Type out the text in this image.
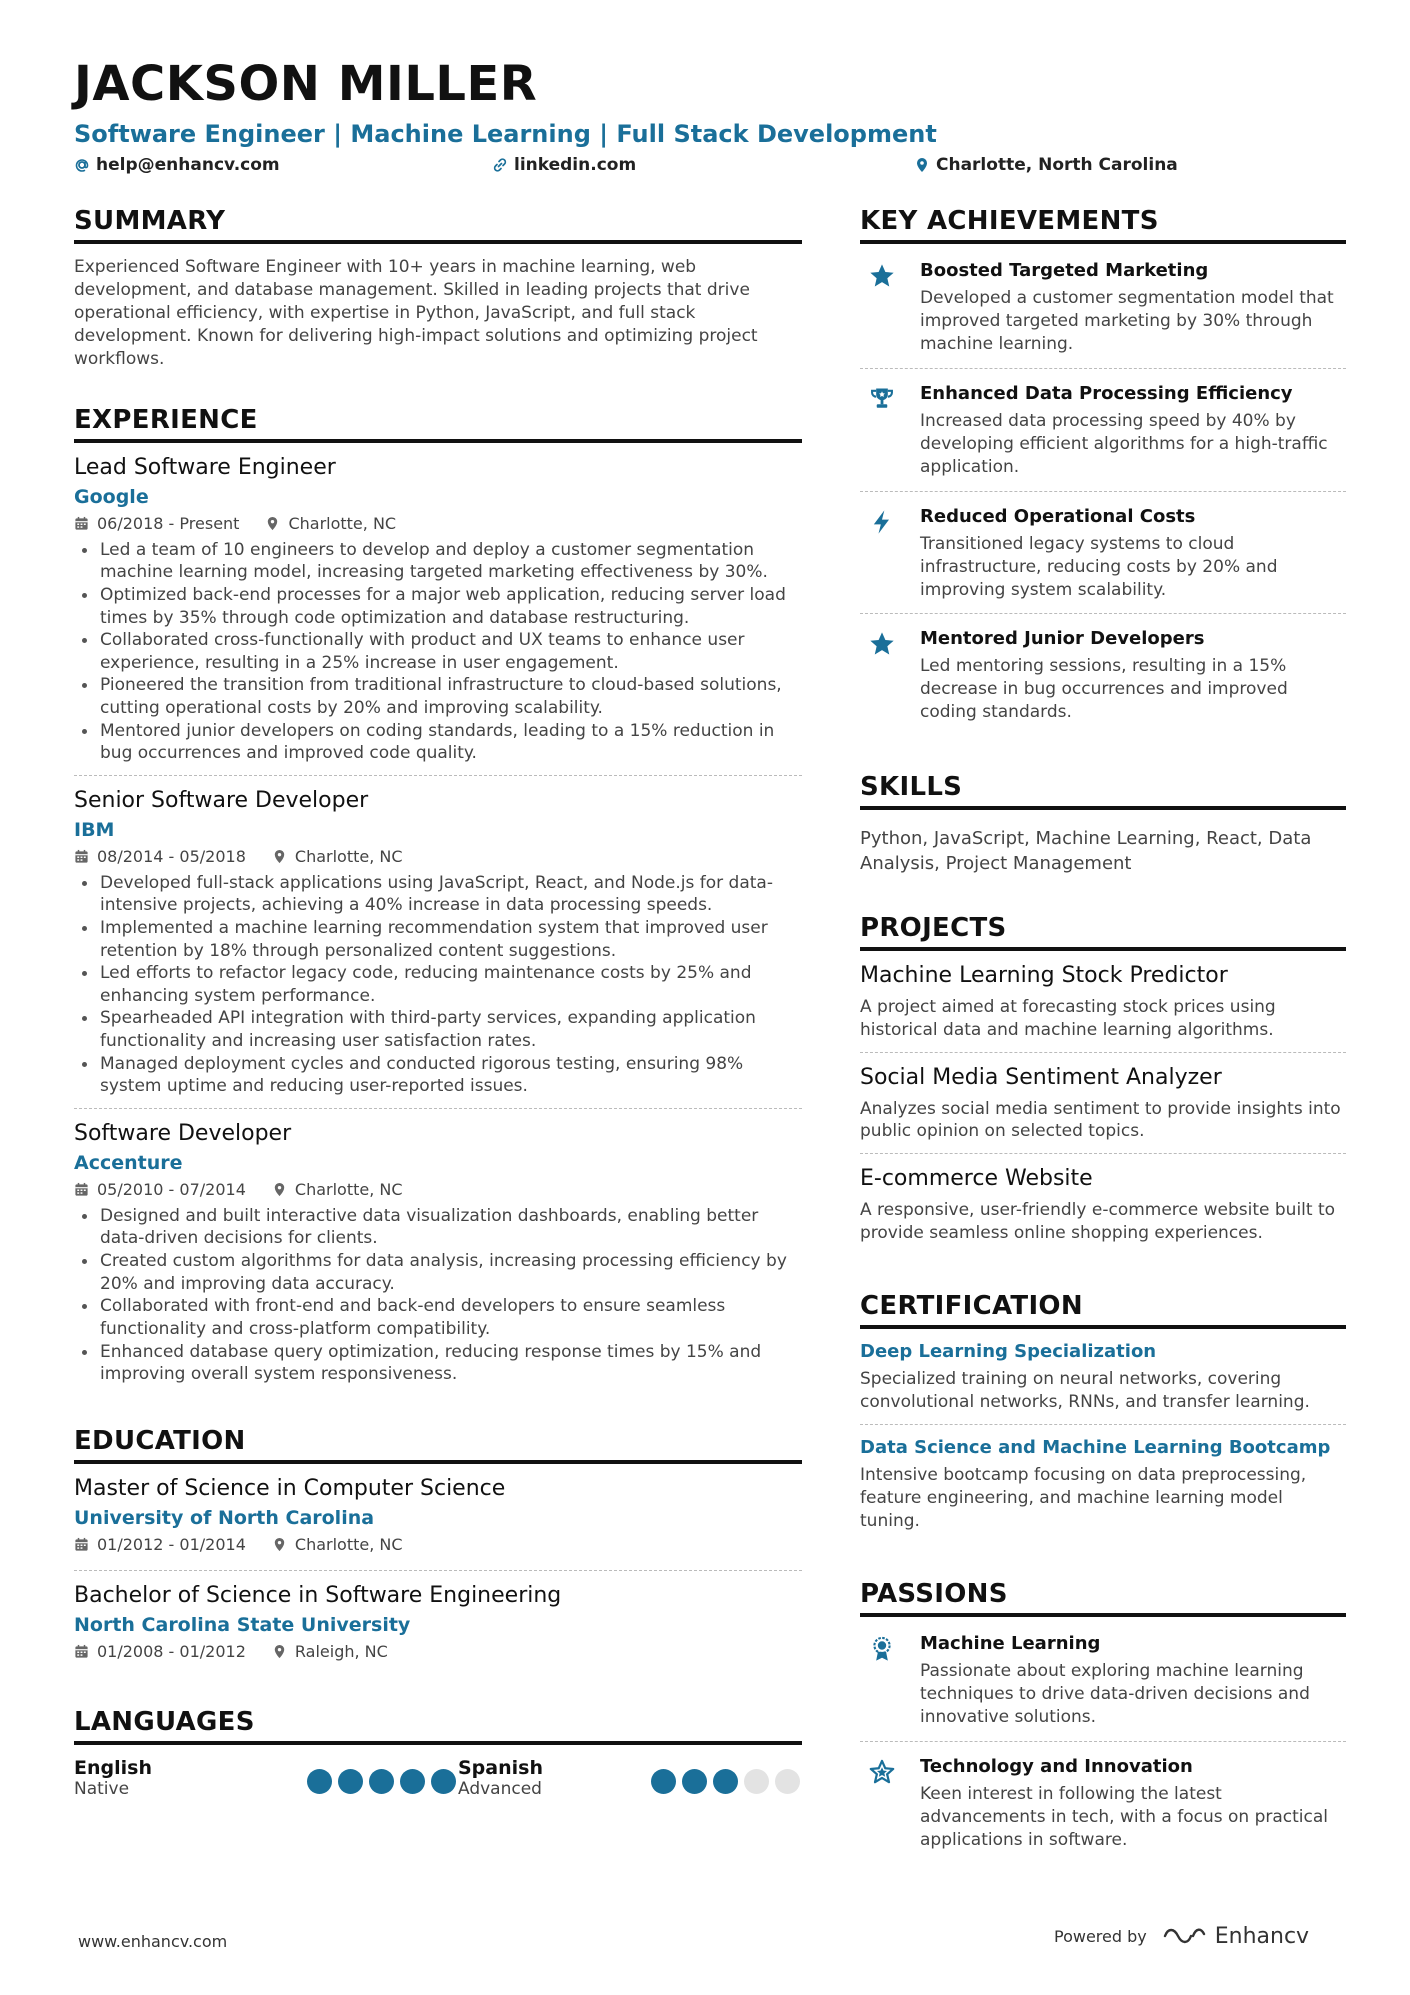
JACKSON MILLER
Software Engineer | Machine Learning | Full Stack Development
help@enhancv.com	linkedin.com	Charlotte, North Carolina
SUMMARY
Experienced Software Engineer with 10+ years in machine learning, web development, and database management. Skilled in leading projects that drive operational efficiency, with expertise in Python, JavaScript, and full stack development. Known for delivering high-impact solutions and optimizing project workflows.
EXPERIENCE
Lead Software Engineer
Google
06/2018 - Present	Charlotte, NC
Led a team of 10 engineers to develop and deploy a customer segmentation machine learning model, increasing targeted marketing effectiveness by 30%.
Optimized back-end processes for a major web application, reducing server load times by 35% through code optimization and database restructuring.
Collaborated cross-functionally with product and UX teams to enhance user experience, resulting in a 25% increase in user engagement.
Pioneered the transition from traditional infrastructure to cloud-based solutions, cutting operational costs by 20% and improving scalability.
Mentored junior developers on coding standards, leading to a 15% reduction in bug occurrences and improved code quality.
Senior Software Developer
IBM
08/2014 - 05/2018	Charlotte, NC
Developed full-stack applications using JavaScript, React, and Node.js for data-intensive projects, achieving a 40% increase in data processing speeds.
Implemented a machine learning recommendation system that improved user retention by 18% through personalized content suggestions.
Led efforts to refactor legacy code, reducing maintenance costs by 25% and enhancing system performance.
Spearheaded API integration with third-party services, expanding application functionality and increasing user satisfaction rates.
Managed deployment cycles and conducted rigorous testing, ensuring 98% system uptime and reducing user-reported issues.
Software Developer
Accenture
05/2010 - 07/2014	Charlotte, NC
Designed and built interactive data visualization dashboards, enabling better data-driven decisions for clients.
Created custom algorithms for data analysis, increasing processing efficiency by 20% and improving data accuracy.
Collaborated with front-end and back-end developers to ensure seamless functionality and cross-platform compatibility.
Enhanced database query optimization, reducing response times by 15% and improving overall system responsiveness.
EDUCATION
Master of Science in Computer Science
University of North Carolina
01/2012 - 01/2014	Charlotte, NC
Bachelor of Science in Software Engineering
North Carolina State University
01/2008 - 01/2012	Raleigh, NC
LANGUAGES
English
Native
Spanish
Advanced
KEY ACHIEVEMENTS
Boosted Targeted Marketing
Developed a customer segmentation model that improved targeted marketing by 30% through machine learning.
Enhanced Data Processing Efficiency
Increased data processing speed by 40% by developing efficient algorithms for a high-traffic application.
Reduced Operational Costs
Transitioned legacy systems to cloud infrastructure, reducing costs by 20% and improving system scalability.
Mentored Junior Developers
Led mentoring sessions, resulting in a 15% decrease in bug occurrences and improved coding standards.
SKILLS
Python, JavaScript, Machine Learning, React, Data Analysis, Project Management
PROJECTS
Machine Learning Stock Predictor
A project aimed at forecasting stock prices using historical data and machine learning algorithms.
Social Media Sentiment Analyzer
Analyzes social media sentiment to provide insights into public opinion on selected topics.
E-commerce Website
A responsive, user-friendly e-commerce website built to provide seamless online shopping experiences.
CERTIFICATION
Deep Learning Specialization
Specialized training on neural networks, covering convolutional networks, RNNs, and transfer learning.
Data Science and Machine Learning Bootcamp
Intensive bootcamp focusing on data preprocessing, feature engineering, and machine learning model tuning.
PASSIONS
Machine Learning
Passionate about exploring machine learning techniques to drive data-driven decisions and innovative solutions.
Technology and Innovation
Keen interest in following the latest advancements in tech, with a focus on practical applications in software.
www.enhancv.com	Powered by	Enhancv
